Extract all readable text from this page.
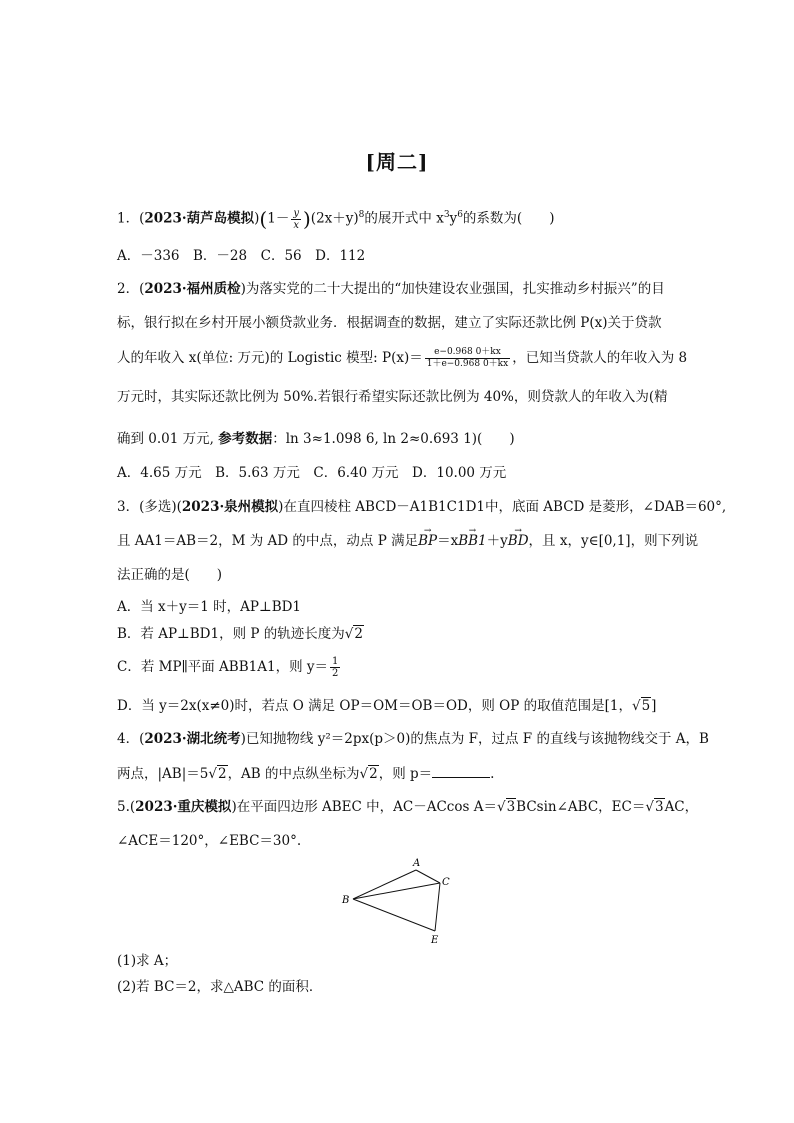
[周二]
1．(2023·葫芦岛模拟)$(1- \frac{y}{x} )(2x+y)^8$的展开式中 $x^3y^6$的系数为(　　)
A．－336　B．－28　C．56　D．112
2．(2023·福州质检)为落实党的二十大提出的“加快建设农业强国，扎实推动乡村振兴”的目
标，银行拟在乡村开展小额贷款业务．根据调查的数据，建立了实际还款比例 P(x)关于贷款
人的年收入 x(单位: 万元)的 Logistic 模型: $P(x)= \frac{e-0.968 0+kx}{1+e-0.968 0+kx}$ ，已知当贷款人的年收入为 8
万元时，其实际还款比例为 50%.若银行希望实际还款比例为 40%，则贷款人的年收入为(精
确到 0.01 万元, 参考数据：ln 3≈1.098 6, ln 2≈0.693 1)(　　)
A．4.65 万元　B．5.63 万元　C．6.40 万元　D．10.00 万元
3．(多选)(2023·泉州模拟)在直四棱柱 ABCD－A1B1C1D1中，底面 ABCD 是菱形，∠DAB＝60°,
且 AA1＝AB＝2，M 为 AD 的中点，动点 P 满足→ BP＝x→ BB1＋y→ BD，且 x，y∈[0,1]，则下列说
法正确的是(　　)
A．当 x＋y＝1 时，AP⊥BD1
B．若 AP⊥BD1，则 P 的轨迹长度为√2
C．若 MP∥平面 ABB1A1，则 $y= \frac{1}{2}$
D．当 y＝2x(x≠0)时，若点 O 满足 OP＝OM＝OB＝OD，则 OP 的取值范围是[1，√5]
4．(2023·湖北统考)已知抛物线 y²＝2px(p＞0)的焦点为 F，过点 F 的直线与该抛物线交于 A，B
两点，|AB|＝5√2，AB 的中点纵坐标为√2，则 p＝	.
5.(2023·重庆模拟)在平面四边形 ABEC 中，AC－ACcos A＝√3BCsin∠ABC，EC＝√3AC，
∠ACE＝120°，∠EBC＝30°.
A
B
C
E
(1)求 A；
(2)若 BC＝2，求△ABC 的面积．
